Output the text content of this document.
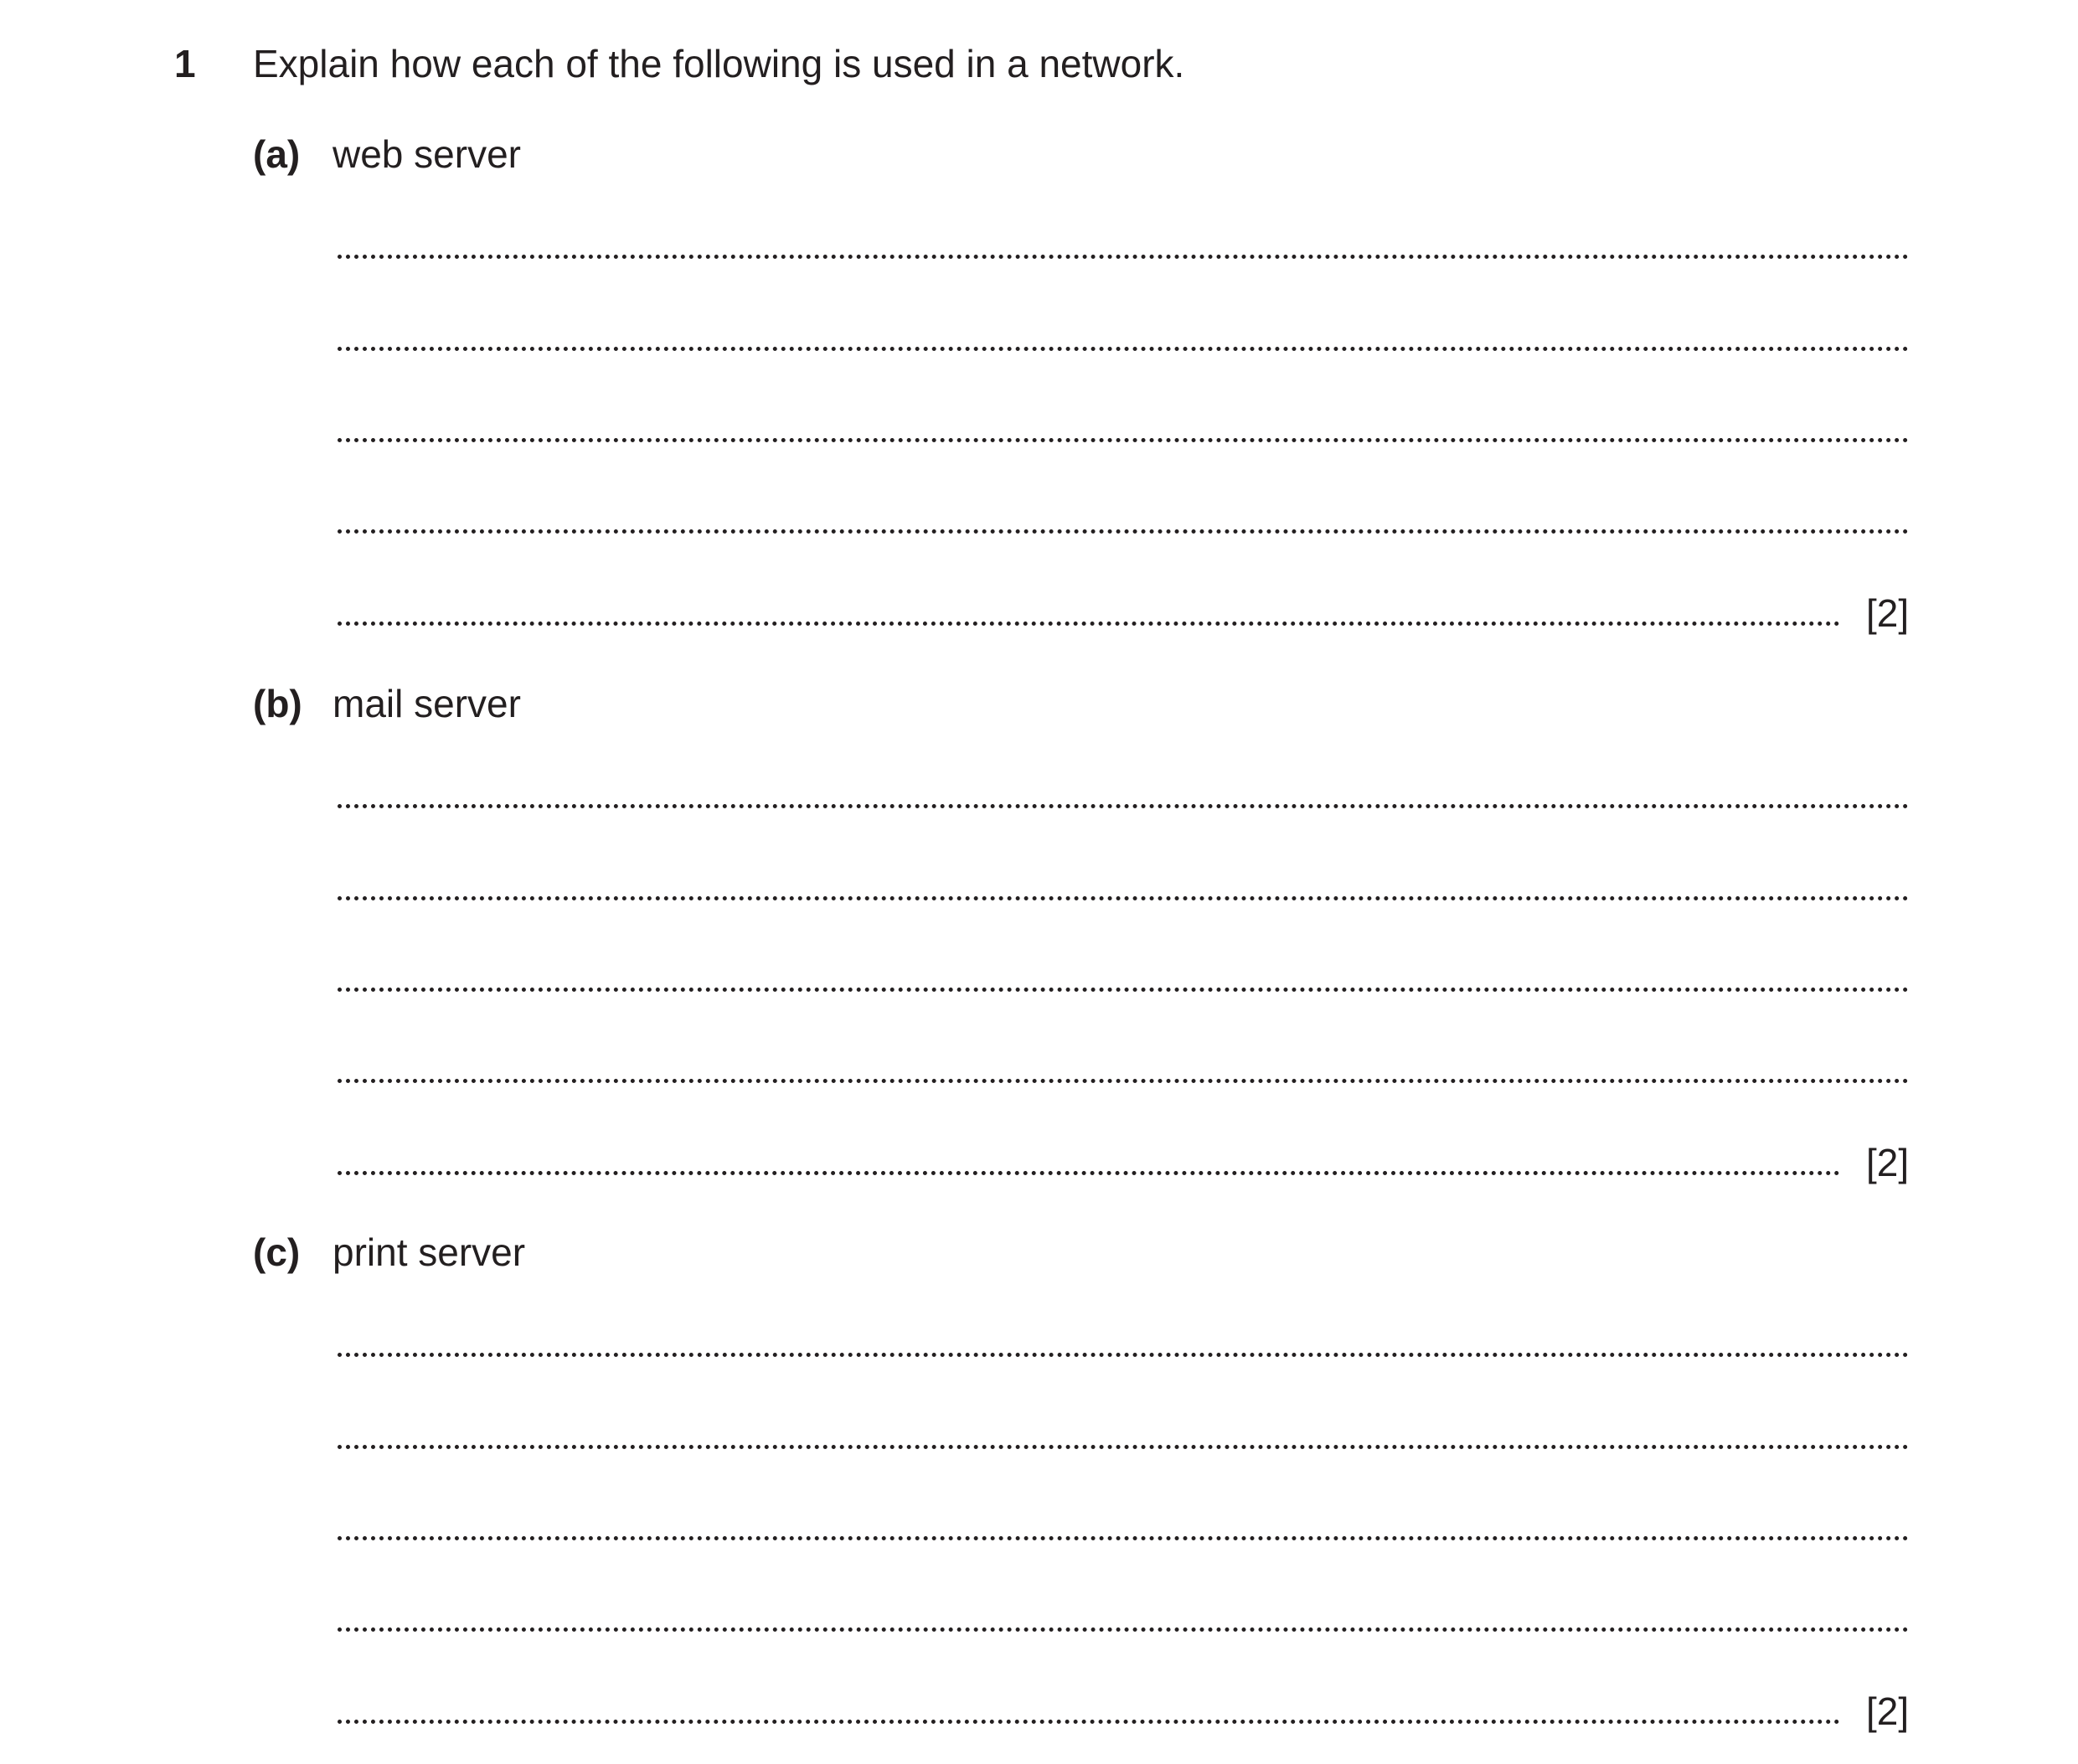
1 Explain how each of the following is used in a network.
(a) web server
[2]
(b) mail server
[2]
(c) print server
[2]
